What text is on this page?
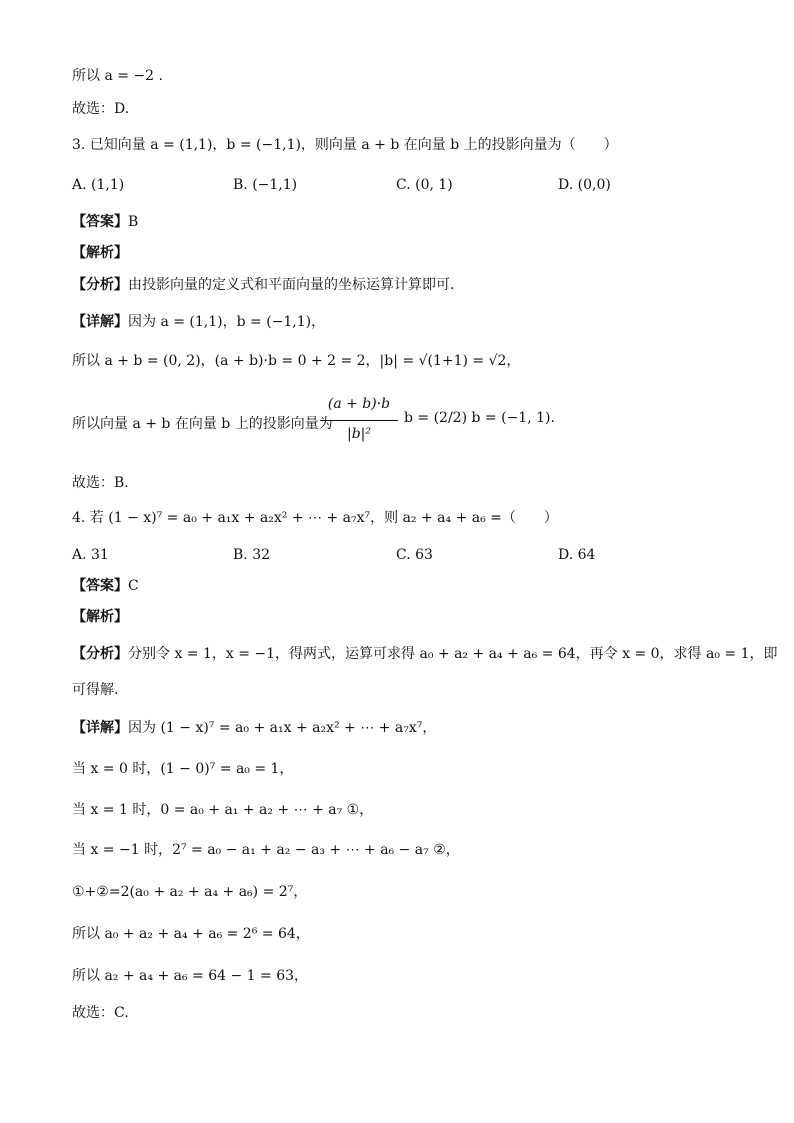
所以 a = −2 .
故选：D.
3. 已知向量 a = (1,1)，b = (−1,1)，则向量 a + b 在向量 b 上的投影向量为（　　）
A. (1,1)	B. (−1,1)	C. (0, 1)	D. (0,0)
【答案】B
【解析】
【分析】由投影向量的定义式和平面向量的坐标运算计算即可.
【详解】因为 a = (1,1)，b = (−1,1)，
所以 a + b = (0, 2)，(a + b)·b = 0 + 2 = 2，|b| = √(1+1) = √2，
所以向量 a + b 在向量 b 上的投影向量为
(a + b)·b
|b|²
b = (2/2) b = (−1, 1).
故选：B.
4. 若 (1 − x)⁷ = a₀ + a₁x + a₂x² + ⋯ + a₇x⁷，则 a₂ + a₄ + a₆ =（　　）
A. 31	B. 32	C. 63	D. 64
【答案】C
【解析】
【分析】分别令 x = 1，x = −1，得两式，运算可求得 a₀ + a₂ + a₄ + a₆ = 64，再令 x = 0，求得 a₀ = 1，即
可得解.
【详解】因为 (1 − x)⁷ = a₀ + a₁x + a₂x² + ⋯ + a₇x⁷，
当 x = 0 时，(1 − 0)⁷ = a₀ = 1，
当 x = 1 时，0 = a₀ + a₁ + a₂ + ⋯ + a₇ ①，
当 x = −1 时，2⁷ = a₀ − a₁ + a₂ − a₃ + ⋯ + a₆ − a₇ ②，
①+②=2(a₀ + a₂ + a₄ + a₆) = 2⁷，
所以 a₀ + a₂ + a₄ + a₆ = 2⁶ = 64，
所以 a₂ + a₄ + a₆ = 64 − 1 = 63，
故选：C.
